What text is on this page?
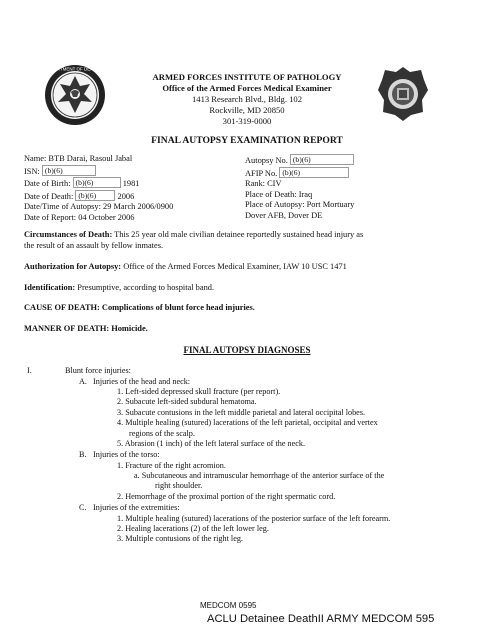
DEPARTMENT OF DEFENSE
ARMED FORCES INSTITUTE OF PATHOLOGY
Office of the Armed Forces Medical Examiner
1413 Research Blvd., Bldg. 102
Rockville, MD 20850
301-319-0000
FINAL AUTOPSY EXAMINATION REPORT
Name: BTB Darai, Rasoul Jabal
ISN: (b)(6)
Date of Birth: (b)(6)	1981
Date of Death: (b)(6)	2006
Date/Time of Autopsy: 29 March 2006/0900
Date of Report: 04 October 2006
Autopsy No. (b)(6)
AFIP No. (b)(6)
Rank: CIV
Place of Death: Iraq
Place of Autopsy: Port Mortuary
Dover AFB, Dover DE
Circumstances of Death: This 25 year old male civilian detainee reportedly sustained head injury as
the result of an assault by fellow inmates.
Authorization for Autopsy: Office of the Armed Forces Medical Examiner, IAW 10 USC 1471
Identification: Presumptive, according to hospital band.
CAUSE OF DEATH: Complications of blunt force head injuries.
MANNER OF DEATH: Homicide.
FINAL AUTOPSY DIAGNOSES
I.	Blunt force injuries:
A. Injuries of the head and neck:
1. Left-sided depressed skull fracture (per report).
2. Subacute left-sided subdural hematoma.
3. Subacute contusions in the left middle parietal and lateral occipital lobes.
4. Multiple healing (sutured) lacerations of the left parietal, occipital and vertex
regions of the scalp.
5. Abrasion (1 inch) of the left lateral surface of the neck.
B. Injuries of the torso:
1. Fracture of the right acromion.
a. Subcutaneous and intramuscular hemorrhage of the anterior surface of the
right shoulder.
2. Hemorrhage of the proximal portion of the right spermatic cord.
C. Injuries of the extremities:
1. Multiple healing (sutured) lacerations of the posterior surface of the left forearm.
2. Healing lacerations (2) of the left lower leg.
3. Multiple contusions of the right leg.
MEDCOM 0595
ACLU Detainee DeathII ARMY MEDCOM 595
